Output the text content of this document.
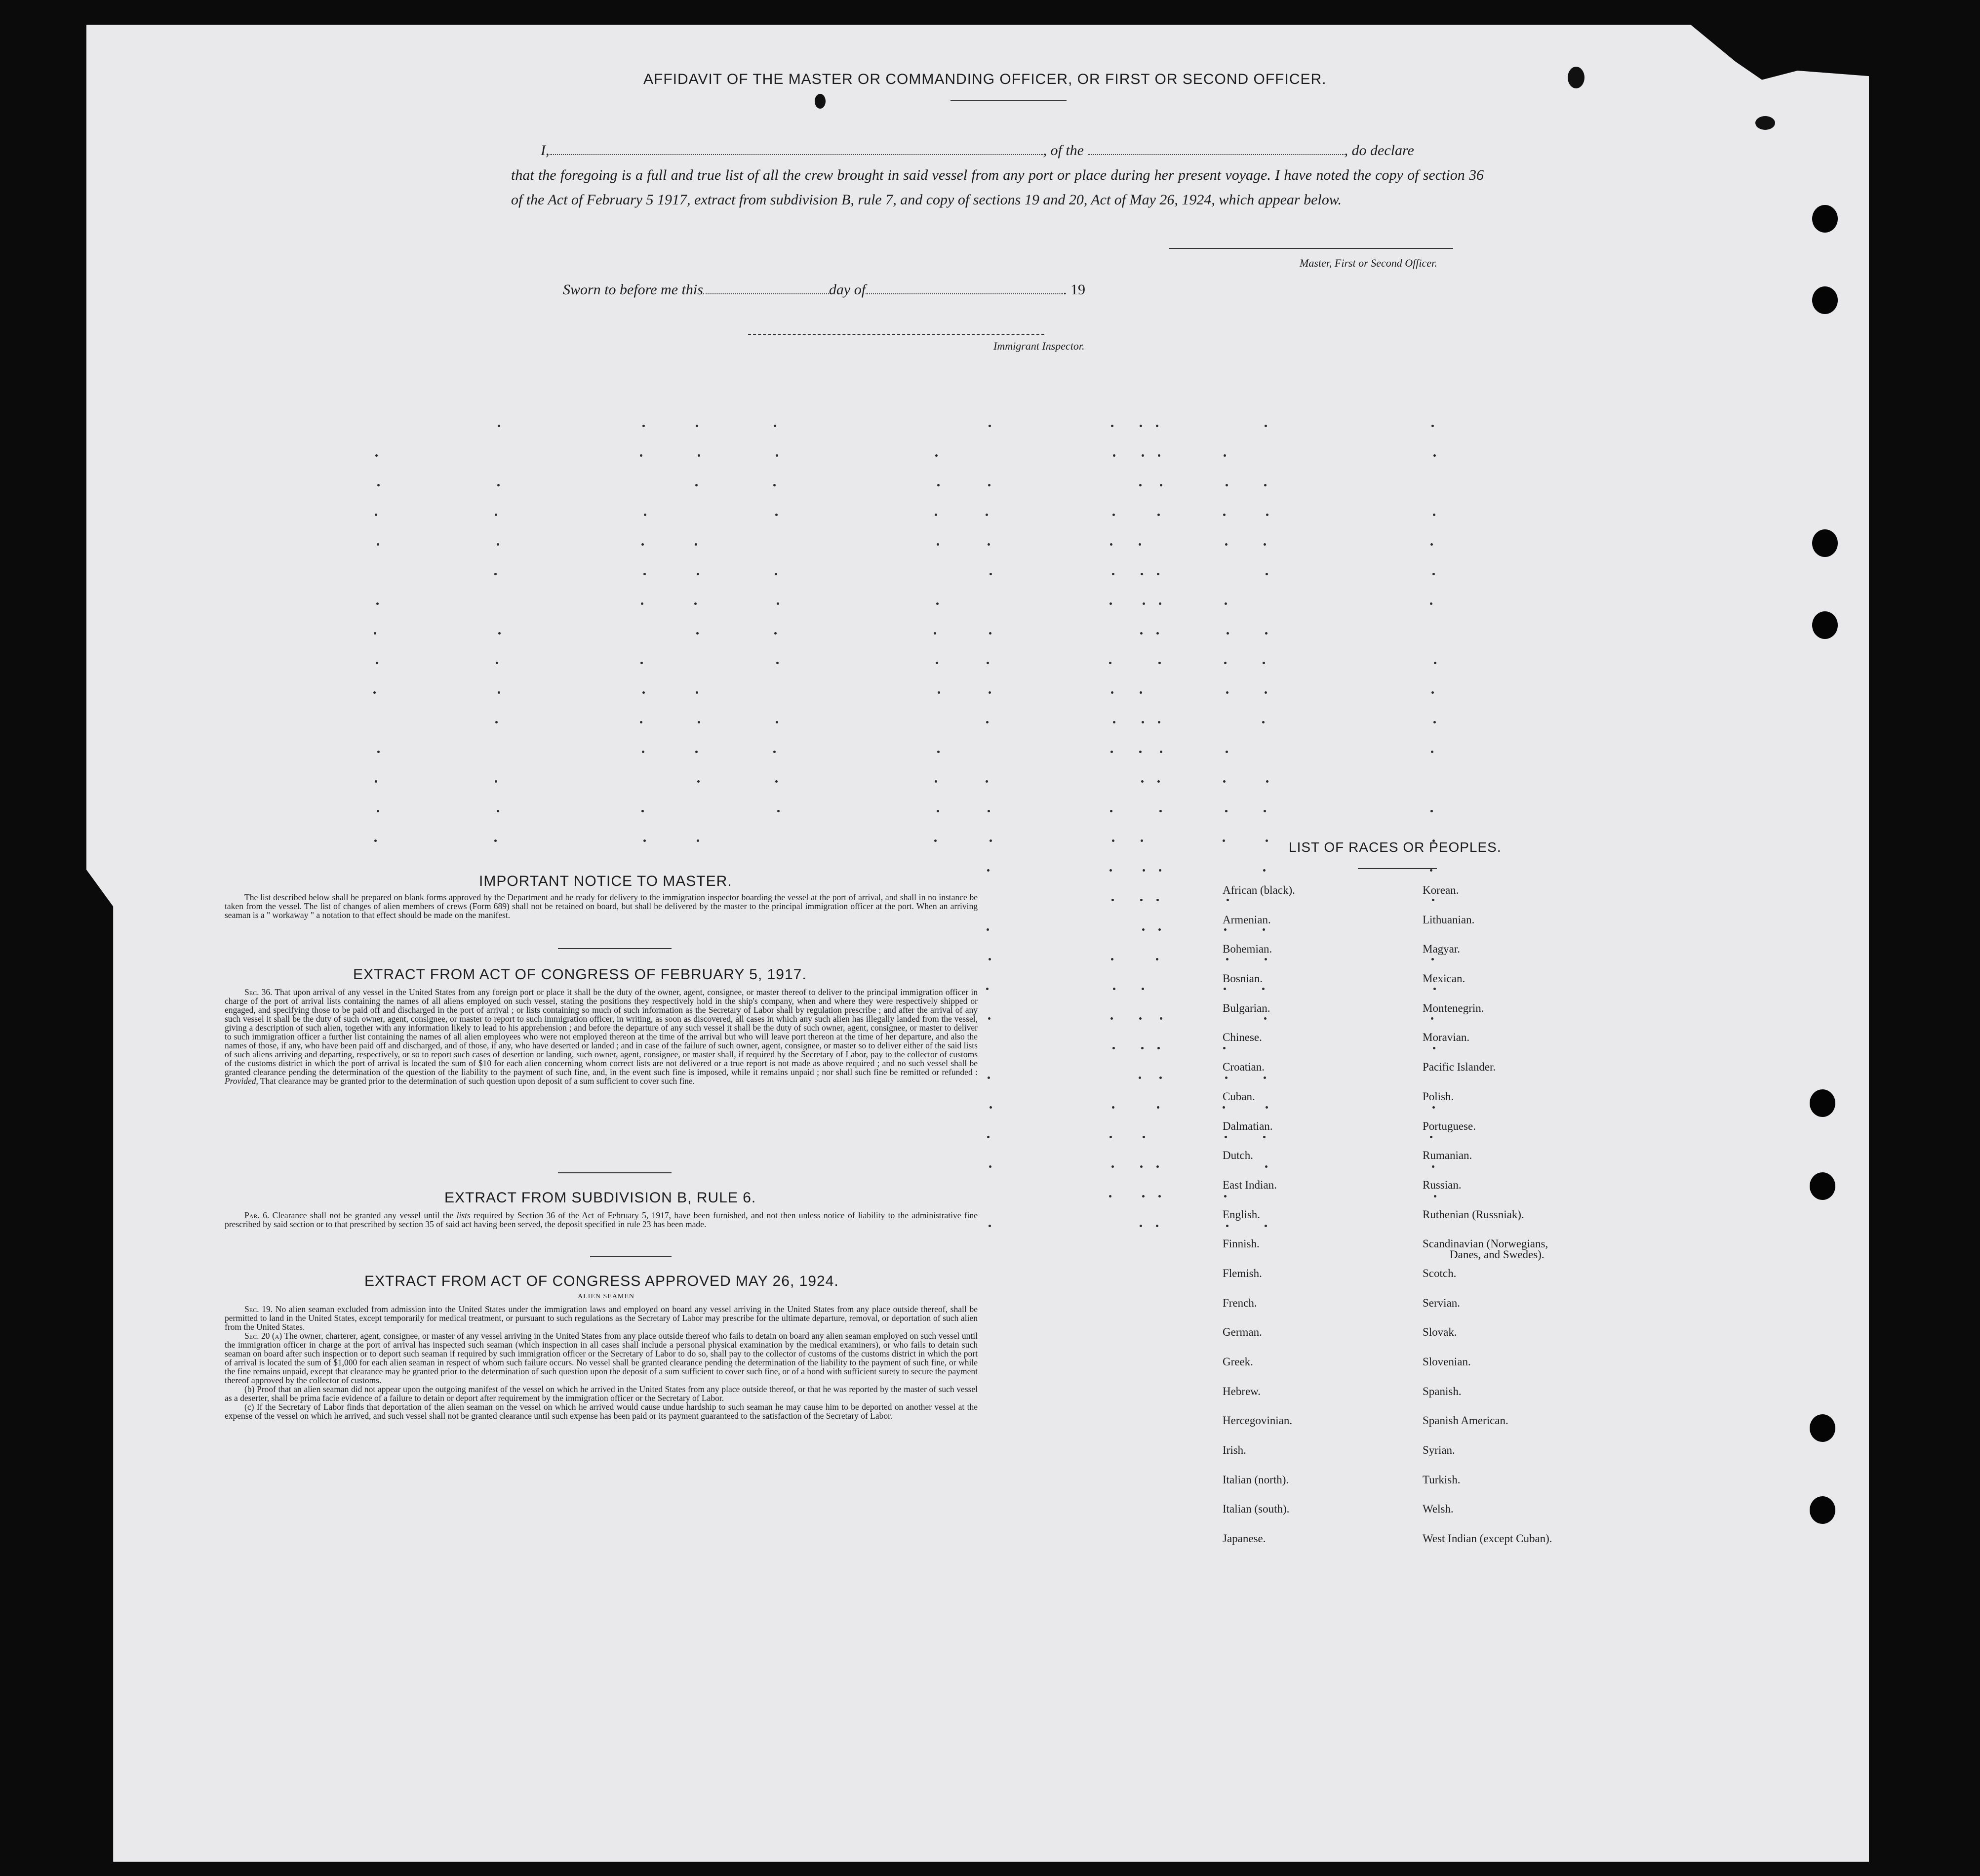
AFFIDAVIT OF THE MASTER OR COMMANDING OFFICER, OR FIRST OR SECOND OFFICER.
I,	, of the	, do declare
that the foregoing is a full and true list of all the crew brought in said vessel from any port or place during her present voyage. I have noted the copy of section 36 of the Act of February 5 1917, extract from subdivision B, rule 7, and copy of sections 19 and 20, Act of May 26, 1924, which appear below.
Master, First or Second Officer.
Sworn to before me this	day of	. 19
Immigrant Inspector.
IMPORTANT NOTICE TO MASTER.

The list described below shall be prepared on blank forms approved by the Department and be ready for delivery to the immigration inspector boarding the vessel at the port of arrival, and shall in no instance be taken from the vessel. The list of changes of alien members of crews (Form 689) shall not be retained on board, but shall be delivered by the master to the principal immigration officer at the port. When an arriving seaman is a " workaway " a notation to that effect should be made on the manifest.

EXTRACT FROM ACT OF CONGRESS OF FEBRUARY 5, 1917.

Sec. 36. That upon arrival of any vessel in the United States from any foreign port or place it shall be the duty of the owner, agent, consignee, or master thereof to deliver to the principal immigration officer in charge of the port of arrival lists containing the names of all aliens employed on such vessel, stating the positions they respectively hold in the ship's company, when and where they were respectively shipped or engaged, and specifying those to be paid off and discharged in the port of arrival ; or lists containing so much of such information as the Secretary of Labor shall by regulation prescribe ; and after the arrival of any such vessel it shall be the duty of such owner, agent, consignee, or master to report to such immigration officer, in writing, as soon as discovered, all cases in which any such alien has illegally landed from the vessel, giving a description of such alien, together with any information likely to lead to his apprehension ; and before the departure of any such vessel it shall be the duty of such owner, agent, consignee, or master to deliver to such immigration officer a further list containing the names of all alien employees who were not employed thereon at the time of the arrival but who will leave port thereon at the time of her departure, and also the names of those, if any, who have been paid off and discharged, and of those, if any, who have deserted or landed ; and in case of the failure of such owner, agent, consignee, or master so to deliver either of the said lists of such aliens arriving and departing, respectively, or so to report such cases of desertion or landing, such owner, agent, consignee, or master shall, if required by the Secretary of Labor, pay to the collector of customs of the customs district in which the port of arrival is located the sum of $10 for each alien concerning whom correct lists are not delivered or a true report is not made as above required ; and no such vessel shall be granted clearance pending the determination of the question of the liability to the payment of such fine, and, in the event such fine is imposed, while it remains unpaid ; nor shall such fine be remitted or refunded : Provided, That clearance may be granted prior to the determination of such question upon deposit of a sum sufficient to cover such fine.

EXTRACT FROM SUBDIVISION B, RULE 6.

Par. 6. Clearance shall not be granted any vessel until the lists required by Section 36 of the Act of February 5, 1917, have been furnished, and not then unless notice of liability to the administrative fine prescribed by said section or to that prescribed by section 35 of said act having been served, the deposit specified in rule 23 has been made.

EXTRACT FROM ACT OF CONGRESS APPROVED MAY 26, 1924.
ALIEN SEAMEN

Sec. 19. No alien seaman excluded from admission into the United States under the immigration laws and employed on board any vessel arriving in the United States from any place outside thereof, shall be permitted to land in the United States, except temporarily for medical treatment, or pursuant to such regulations as the Secretary of Labor may prescribe for the ultimate departure, removal, or deportation of such alien from the United States.

Sec. 20 (a) The owner, charterer, agent, consignee, or master of any vessel arriving in the United States from any place outside thereof who fails to detain on board any alien seaman employed on such vessel until the immigration officer in charge at the port of arrival has inspected such seaman (which inspection in all cases shall include a personal physical examination by the medical examiners), or who fails to detain such seaman on board after such inspection or to deport such seaman if required by such immigration officer or the Secretary of Labor to do so, shall pay to the collector of customs of the customs district in which the port of arrival is located the sum of $1,000 for each alien seaman in respect of whom such failure occurs. No vessel shall be granted clearance pending the determination of the liability to the payment of such fine, or while the fine remains unpaid, except that clearance may be granted prior to the determination of such question upon the deposit of a sum sufficient to cover such fine, or of a bond with sufficient surety to secure the payment thereof approved by the collector of customs.

(b) Proof that an alien seaman did not appear upon the outgoing manifest of the vessel on which he arrived in the United States from any place outside thereof, or that he was reported by the master of such vessel as a deserter, shall be prima facie evidence of a failure to detain or deport after requirement by the immigration officer or the Secretary of Labor.

(c) If the Secretary of Labor finds that deportation of the alien seaman on the vessel on which he arrived would cause undue hardship to such seaman he may cause him to be deported on another vessel at the expense of the vessel on which he arrived, and such vessel shall not be granted clearance until such expense has been paid or its payment guaranteed to the satisfaction of the Secretary of Labor.

LIST OF RACES OR PEOPLES.
African (black).
Armenian.
Bohemian.
Bosnian.
Bulgarian.
Chinese.
Croatian.
Cuban.
Dalmatian.
Dutch.
East Indian.
English.
Finnish.
Flemish.
French.
German.
Greek.
Hebrew.
Hercegovinian.
Irish.
Italian (north).
Italian (south).
Japanese.
Korean.
Lithuanian.
Magyar.
Mexican.
Montenegrin.
Moravian.
Pacific Islander.
Polish.
Portuguese.
Rumanian.
Russian.
Ruthenian (Russniak).
Scandinavian (Norwegians,
Danes, and Swedes).
Scotch.
Servian.
Slovak.
Slovenian.
Spanish.
Spanish American.
Syrian.
Turkish.
Welsh.
West Indian (except Cuban).
